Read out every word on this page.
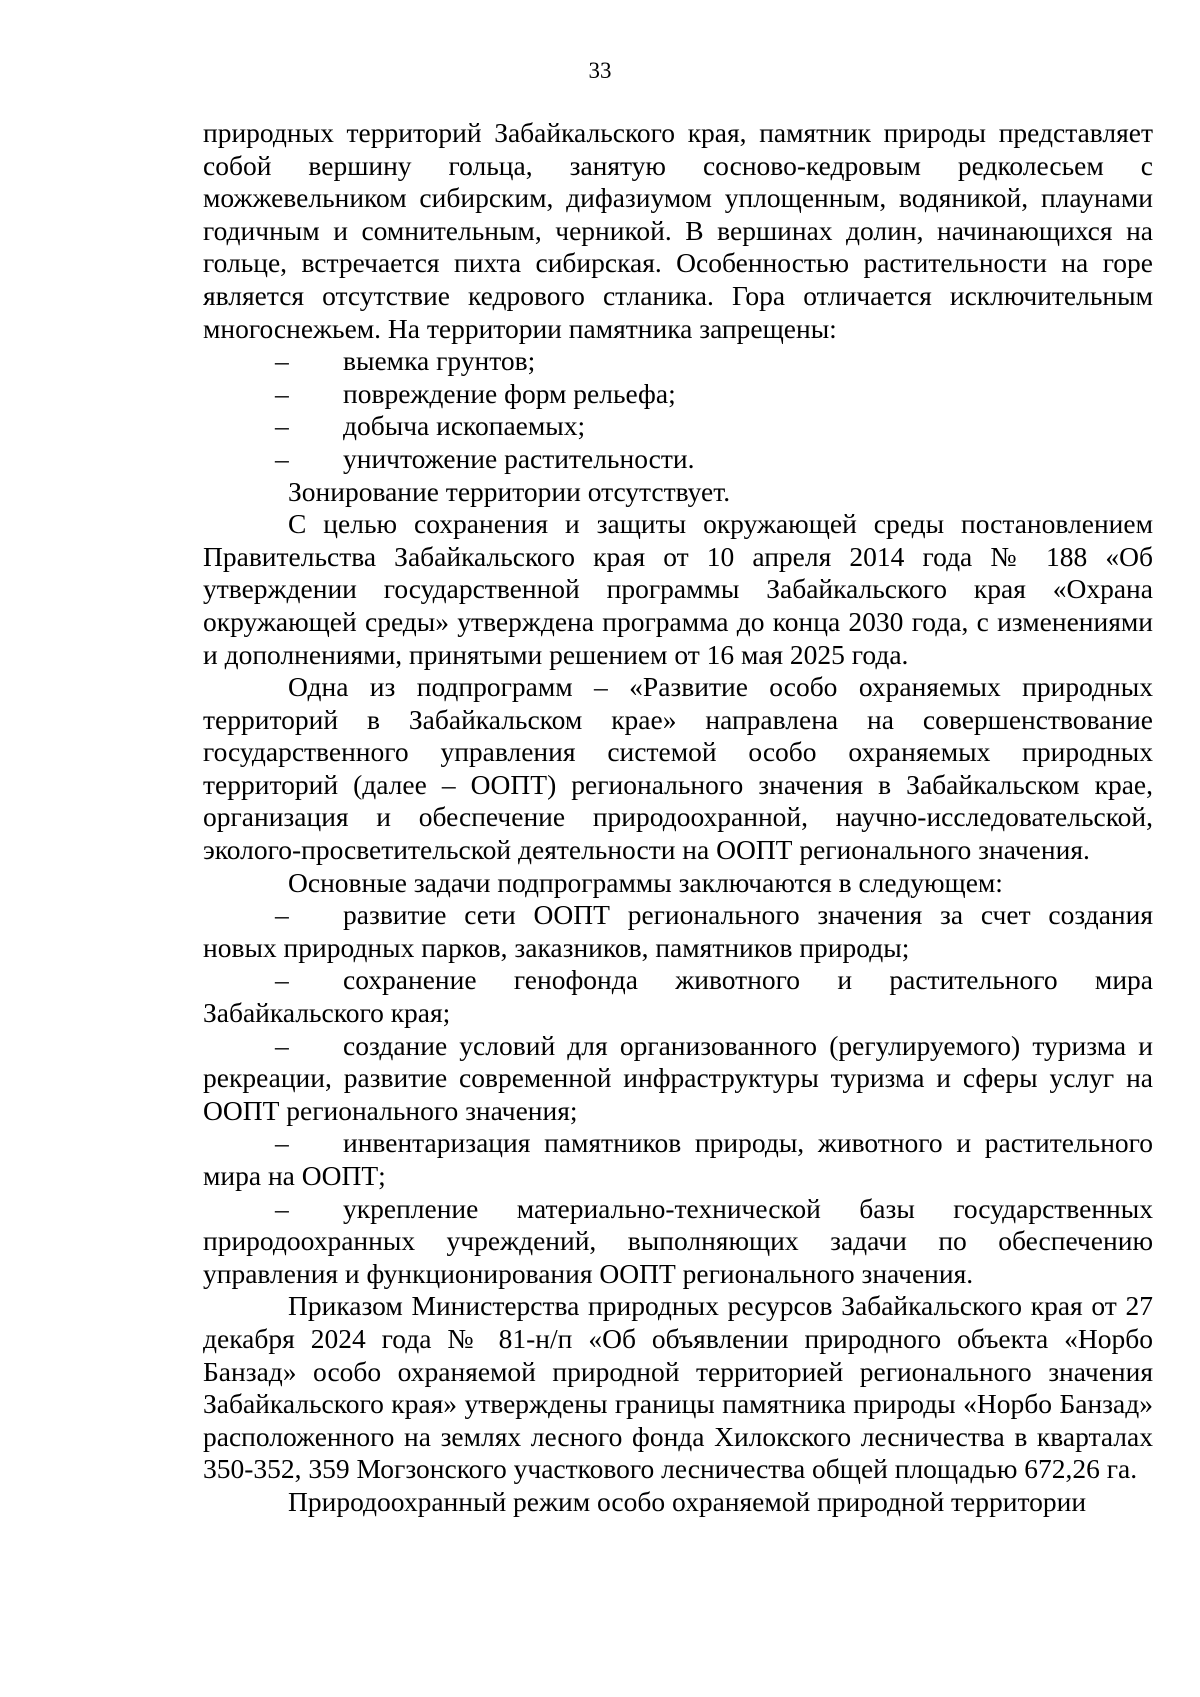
33

природных территорий Забайкальского края, памятник природы представляет собой вершину гольца, занятую сосново-кедровым редколесьем с можжевельником сибирским, дифазиумом уплощенным, водяникой, плаунами годичным и сомнительным, черникой. В вершинах долин, начинающихся на гольце, встречается пихта сибирская. Особенностью растительности на горе является отсутствие кедрового стланика. Гора отличается исключительным многоснежьем. На территории памятника запрещены:

– выемка грунтов;

– повреждение форм рельефа;

– добыча ископаемых;

– уничтожение растительности.

Зонирование территории отсутствует.

С целью сохранения и защиты окружающей среды постановлением Правительства Забайкальского края от 10 апреля 2014 года № 188 «Об утверждении государственной программы Забайкальского края «Охрана окружающей среды» утверждена программа до конца 2030 года, с изменениями и дополнениями, принятыми решением от 16 мая 2025 года.

Одна из подпрограмм – «Развитие особо охраняемых природных территорий в Забайкальском крае» направлена на совершенствование государственного управления системой особо охраняемых природных территорий (далее – ООПТ) регионального значения в Забайкальском крае, организация и обеспечение природоохранной, научно-исследовательской, эколого-просветительской деятельности на ООПТ регионального значения.

Основные задачи подпрограммы заключаются в следующем:

– развитие сети ООПТ регионального значения за счет создания новых природных парков, заказников, памятников природы;

– сохранение генофонда животного и растительного мира Забайкальского края;

– создание условий для организованного (регулируемого) туризма и рекреации, развитие современной инфраструктуры туризма и сферы услуг на ООПТ регионального значения;

– инвентаризация памятников природы, животного и растительного мира на ООПТ;

– укрепление материально-технической базы государственных природоохранных учреждений, выполняющих задачи по обеспечению управления и функционирования ООПТ регионального значения.

Приказом Министерства природных ресурсов Забайкальского края от 27 декабря 2024 года № 81-н/п «Об объявлении природного объекта «Норбо Банзад» особо охраняемой природной территорией регионального значения Забайкальского края» утверждены границы памятника природы «Норбо Банзад» расположенного на землях лесного фонда Хилокского лесничества в кварталах 350-352, 359 Могзонского участкового лесничества общей площадью 672,26 га.

Природоохранный режим особо охраняемой природной территории
